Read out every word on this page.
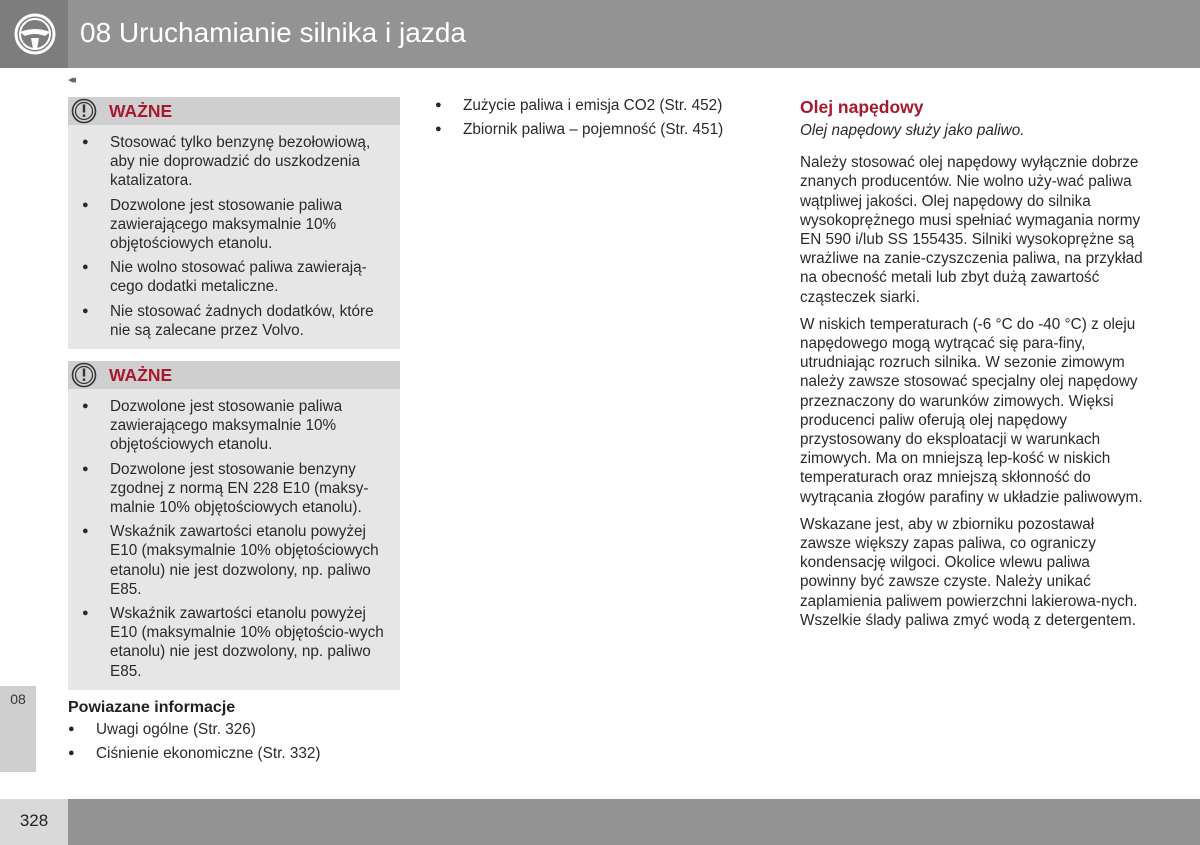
08 Uruchamianie silnika i jazda
◂◂
WAŻNE
● Stosować tylko benzynę bezołowiową, aby nie doprowadzić do uszkodzenia katalizatora.
● Dozwolone jest stosowanie paliwa zawierającego maksymalnie 10% objętościowych etanolu.
● Nie wolno stosować paliwa zawierają-cego dodatki metaliczne.
● Nie stosować żadnych dodatków, które nie są zalecane przez Volvo.
WAŻNE
● Dozwolone jest stosowanie paliwa zawierającego maksymalnie 10% objętościowych etanolu.
● Dozwolone jest stosowanie benzyny zgodnej z normą EN 228 E10 (maksy-malnie 10% objętościowych etanolu).
● Wskaźnik zawartości etanolu powyżej E10 (maksymalnie 10% objętościowych etanolu) nie jest dozwolony, np. paliwo E85.
● Wskaźnik zawartości etanolu powyżej E10 (maksymalnie 10% objętościo-wych etanolu) nie jest dozwolony, np. paliwo E85.
Powiazane informacje
● Uwagi ogólne (Str. 326)
● Ciśnienie ekonomiczne (Str. 332)
● Zużycie paliwa i emisja CO2 (Str. 452)
● Zbiornik paliwa – pojemność (Str. 451)
Olej napędowy

Olej napędowy służy jako paliwo.

Należy stosować olej napędowy wyłącznie dobrze znanych producentów. Nie wolno uży-wać paliwa wątpliwej jakości. Olej napędowy do silnika wysokoprężnego musi spełniać wymagania normy EN 590 i/lub SS 155435. Silniki wysokoprężne są wrażliwe na zanie-czyszczenia paliwa, na przykład na obecność metali lub zbyt dużą zawartość cząsteczek siarki.

W niskich temperaturach (-6 °C do -40 °C) z oleju napędowego mogą wytrącać się para-finy, utrudniając rozruch silnika. W sezonie zimowym należy zawsze stosować specjalny olej napędowy przeznaczony do warunków zimowych. Więksi producenci paliw oferują olej napędowy przystosowany do eksploatacji w warunkach zimowych. Ma on mniejszą lep-kość w niskich temperaturach oraz mniejszą skłonność do wytrącania złogów parafiny w układzie paliwowym.

Wskazane jest, aby w zbiorniku pozostawał zawsze większy zapas paliwa, co ograniczy kondensację wilgoci. Okolice wlewu paliwa powinny być zawsze czyste. Należy unikać zaplamienia paliwem powierzchni lakierowa-nych. Wszelkie ślady paliwa zmyć wodą z detergentem.

08
328
